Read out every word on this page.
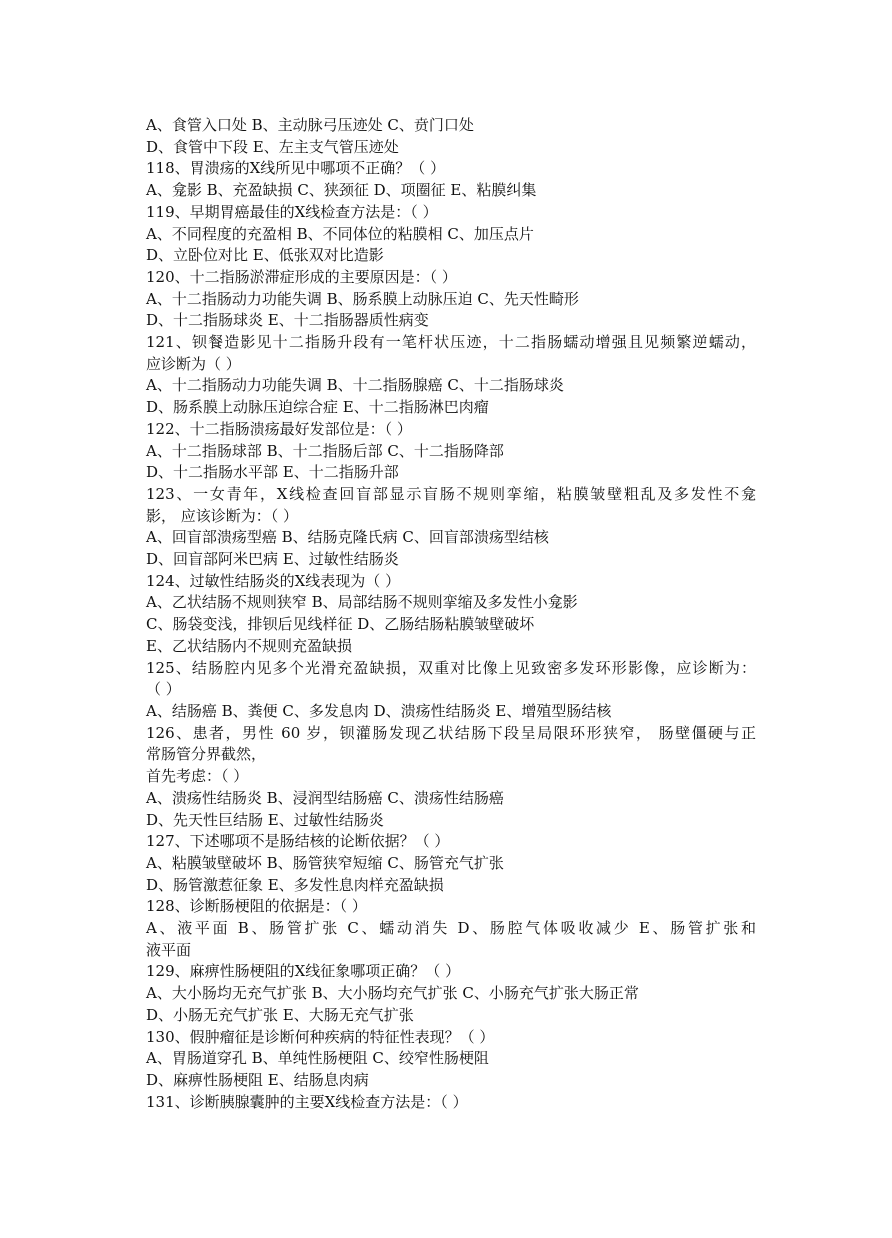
A、食管入口处 B、主动脉弓压迹处 C、贲门口处
D、食管中下段 E、左主支气管压迹处
118、胃溃疡的X线所见中哪项不正确？（ ）
A、龛影 B、充盈缺损 C、狭颈征 D、项圈征 E、粘膜纠集
119、早期胃癌最佳的X线检查方法是：（ ）
A、不同程度的充盈相 B、不同体位的粘膜相 C、加压点片
D、立卧位对比 E、低张双对比造影
120、十二指肠淤滞症形成的主要原因是：（ ）
A、十二指肠动力功能失调 B、肠系膜上动脉压迫 C、先天性畸形
D、十二指肠球炎 E、十二指肠器质性病变
121、钡餐造影见十二指肠升段有一笔杆状压迹，十二指肠蠕动增强且见频繁逆蠕动，
应诊断为（ ）
A、十二指肠动力功能失调 B、十二指肠腺癌 C、十二指肠球炎
D、肠系膜上动脉压迫综合症 E、十二指肠淋巴肉瘤
122、十二指肠溃疡最好发部位是：（ ）
A、十二指肠球部 B、十二指肠后部 C、十二指肠降部
D、十二指肠水平部 E、十二指肠升部
123、一女青年，X线检查回盲部显示盲肠不规则挛缩，粘膜皱壁粗乱及多发性不龛
影， 应该诊断为：（ ）
A、回盲部溃疡型癌 B、结肠克隆氏病 C、回盲部溃疡型结核
D、回盲部阿米巴病 E、过敏性结肠炎
124、过敏性结肠炎的X线表现为（ ）
A、乙状结肠不规则狭窄 B、局部结肠不规则挛缩及多发性小龛影
C、肠袋变浅，排钡后见线样征 D、乙肠结肠粘膜皱壁破坏
E、乙状结肠内不规则充盈缺损
125、结肠腔内见多个光滑充盈缺损，双重对比像上见致密多发环形影像，应诊断为：
（ ）
A、结肠癌 B、粪便 C、多发息肉 D、溃疡性结肠炎 E、增殖型肠结核
126、患者，男性 60 岁，钡灌肠发现乙状结肠下段呈局限环形狭窄， 肠壁僵硬与正
常肠管分界截然，
首先考虑：（ ）
A、溃疡性结肠炎 B、浸润型结肠癌 C、溃疡性结肠癌
D、先天性巨结肠 E、过敏性结肠炎
127、下述哪项不是肠结核的论断依据？（ ）
A、粘膜皱壁破坏 B、肠管狭窄短缩 C、肠管充气扩张
D、肠管激惹征象 E、多发性息肉样充盈缺损
128、诊断肠梗阻的依据是：（ ）
A、液平面 B、肠管扩张 C、蠕动消失 D、肠腔气体吸收减少 E、肠管扩张和
液平面
129、麻痹性肠梗阻的X线征象哪项正确？（ ）
A、大小肠均无充气扩张 B、大小肠均充气扩张 C、小肠充气扩张大肠正常
D、小肠无充气扩张 E、大肠无充气扩张
130、假肿瘤征是诊断何种疾病的特征性表现？（ ）
A、胃肠道穿孔 B、单纯性肠梗阻 C、绞窄性肠梗阻
D、麻痹性肠梗阻 E、结肠息肉病
131、诊断胰腺囊肿的主要X线检查方法是：（ ）
